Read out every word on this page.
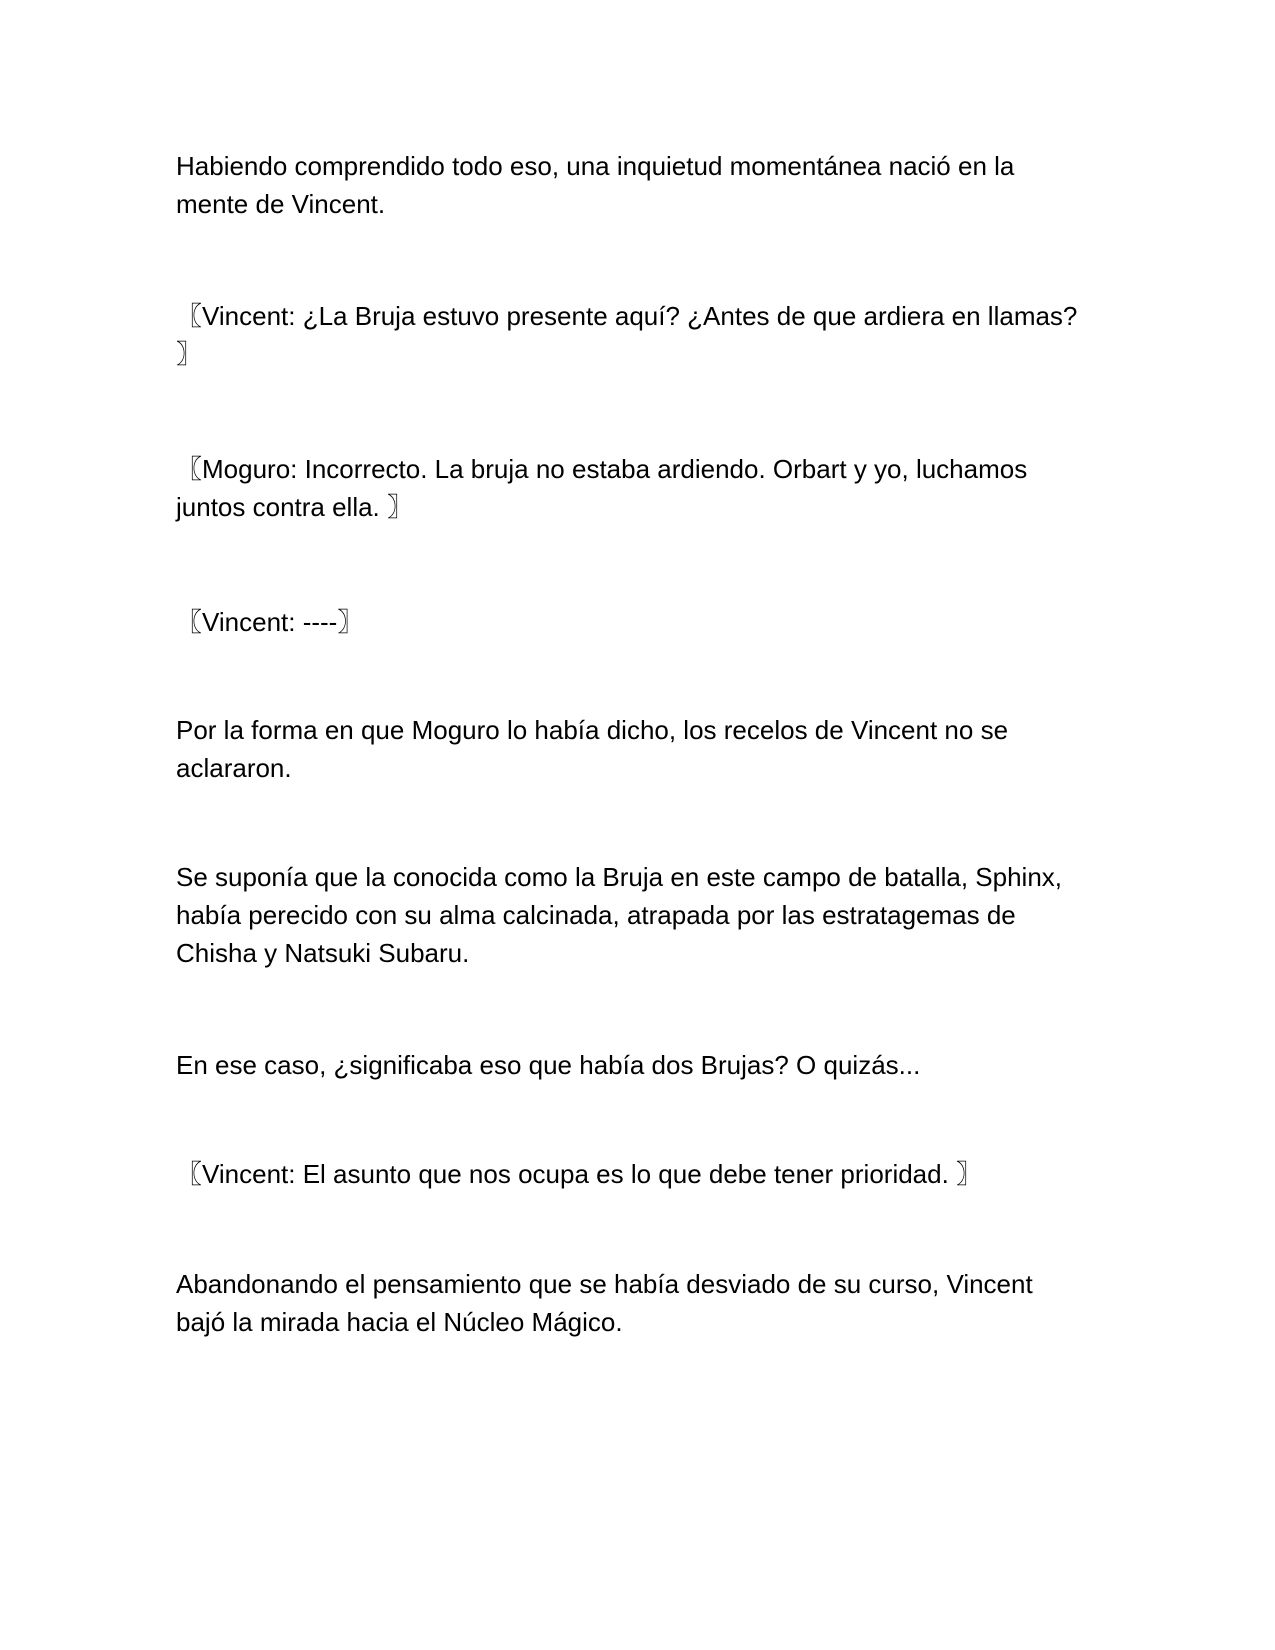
Habiendo comprendido todo eso, una inquietud momentánea nació en la
mente de Vincent.

〖Vincent: ¿La Bruja estuvo presente aquí? ¿Antes de que ardiera en llamas?
〗

〖Moguro: Incorrecto. La bruja no estaba ardiendo. Orbart y yo, luchamos
juntos contra ella. 〗

〖Vincent: ----〗

Por la forma en que Moguro lo había dicho, los recelos de Vincent no se
aclararon.

Se suponía que la conocida como la Bruja en este campo de batalla, Sphinx,
había perecido con su alma calcinada, atrapada por las estratagemas de
Chisha y Natsuki Subaru.

En ese caso, ¿significaba eso que había dos Brujas? O quizás...

〖Vincent: El asunto que nos ocupa es lo que debe tener prioridad. 〗

Abandonando el pensamiento que se había desviado de su curso, Vincent
bajó la mirada hacia el Núcleo Mágico.
